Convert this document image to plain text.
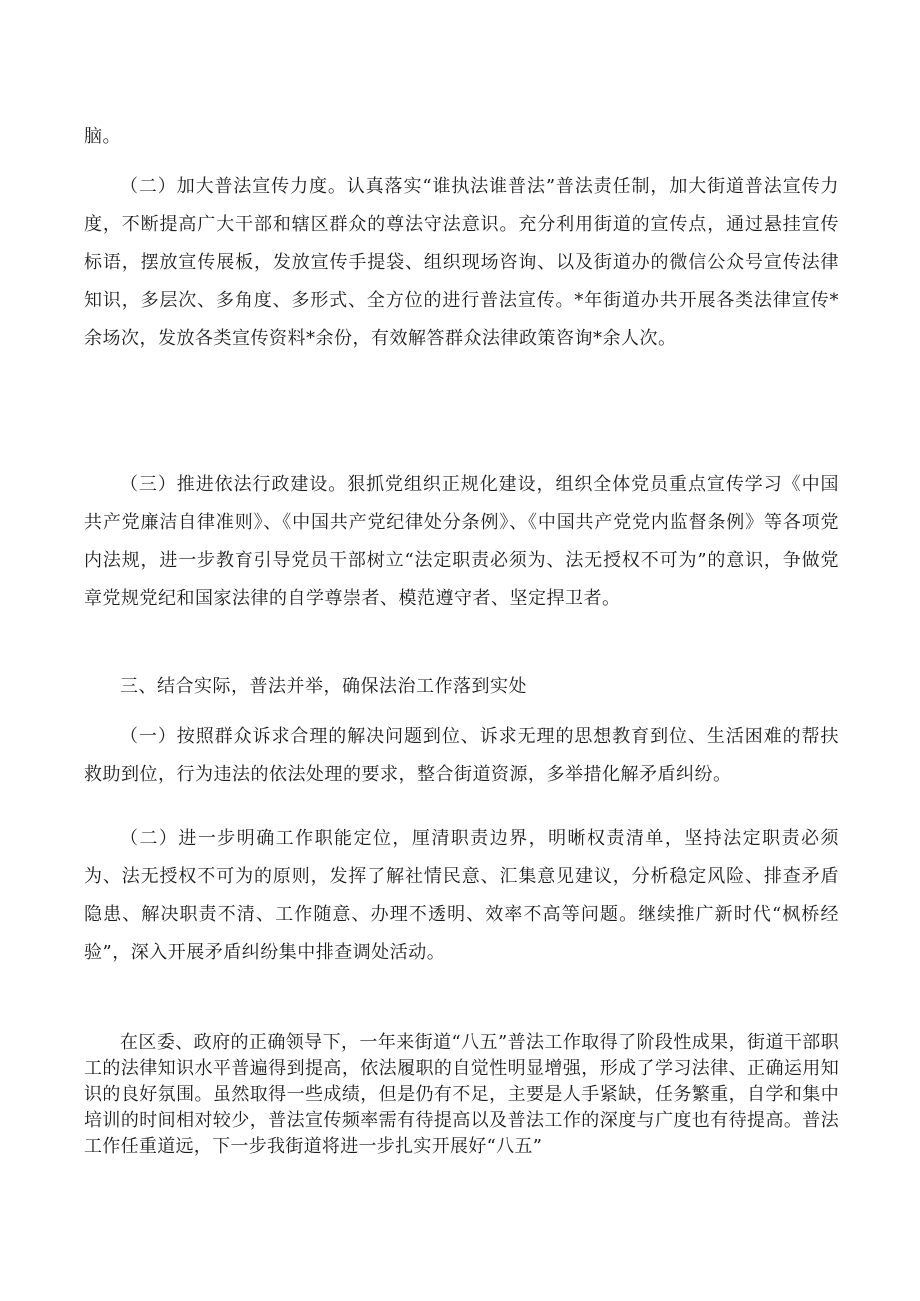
脑。

（二）加大普法宣传力度。认真落实“谁执法谁普法”普法责任制，加大街道普法宣传力度，不断提高广大干部和辖区群众的尊法守法意识。充分利用街道的宣传点，通过悬挂宣传标语，摆放宣传展板，发放宣传手提袋、组织现场咨询、以及街道办的微信公众号宣传法律知识，多层次、多角度、多形式、全方位的进行普法宣传。*年街道办共开展各类法律宣传*余场次，发放各类宣传资料*余份，有效解答群众法律政策咨询*余人次。

（三）推进依法行政建设。狠抓党组织正规化建设，组织全体党员重点宣传学习《中国共产党廉洁自律准则》、《中国共产党纪律处分条例》、《中国共产党党内监督条例》等各项党内法规，进一步教育引导党员干部树立“法定职责必须为、法无授权不可为”的意识，争做党章党规党纪和国家法律的自学尊崇者、模范遵守者、坚定捍卫者。

三、结合实际，普法并举，确保法治工作落到实处

（一）按照群众诉求合理的解决问题到位、诉求无理的思想教育到位、生活困难的帮扶救助到位，行为违法的依法处理的要求，整合街道资源，多举措化解矛盾纠纷。

（二）进一步明确工作职能定位，厘清职责边界，明晰权责清单，坚持法定职责必须为、法无授权不可为的原则，发挥了解社情民意、汇集意见建议，分析稳定风险、排查矛盾隐患、解决职责不清、工作随意、办理不透明、效率不高等问题。继续推广新时代“枫桥经验”，深入开展矛盾纠纷集中排查调处活动。

在区委、政府的正确领导下，一年来街道“八五”普法工作取得了阶段性成果，街道干部职工的法律知识水平普遍得到提高，依法履职的自觉性明显增强，形成了学习法律、正确运用知识的良好氛围。虽然取得一些成绩，但是仍有不足，主要是人手紧缺，任务繁重，自学和集中培训的时间相对较少，普法宣传频率需有待提高以及普法工作的深度与广度也有待提高。普法工作任重道远，下一步我街道将进一步扎实开展好“八五”
